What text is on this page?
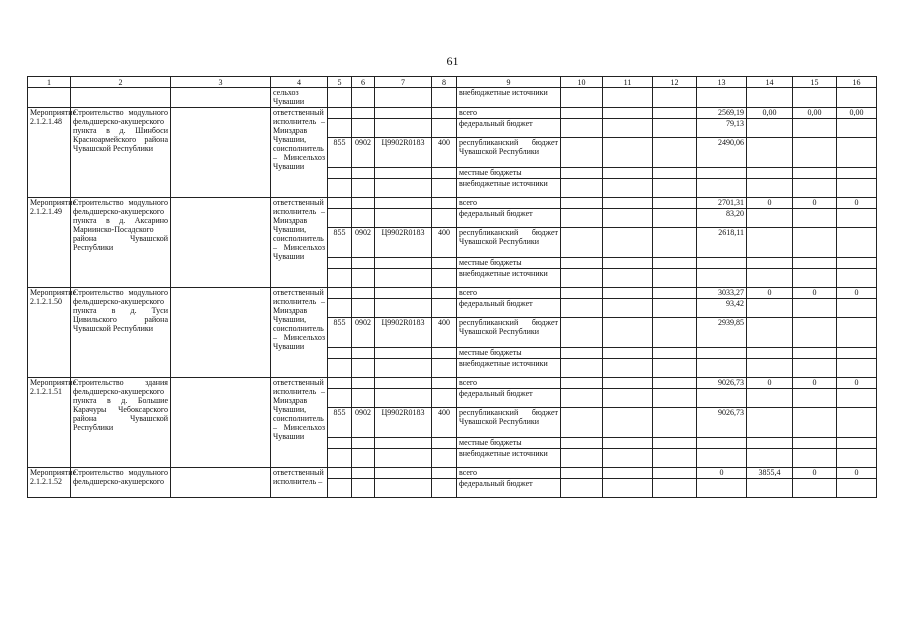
61
1	2	3	4	5	6	7	8	9	10	11	12	13	14	15	16
			сельхоз Чувашии					внебюджетные источники							
Мероприятие 2.1.2.1.48	Строительство модульного фельдшерско-акушерского пункта в д. Шинбоси Красноармейского района Чувашской Республики		ответственный исполнитель – Минздрав Чувашии, соисполнитель – Минсельхоз Чувашии					всего				2569,19	0,00	0,00	0,00
								федеральный бюджет				79,13			
				855	0902	Ц9902R0183	400	республиканский бюджет Чувашской Республики				2490,06			
								местные бюджеты							
								внебюджетные источники							
Мероприятие 2.1.2.1.49	Строительство модульного фельдшерско-акушерского пункта в д. Аксарино Мариинско-Посадского района Чувашской Республики		ответственный исполнитель – Минздрав Чувашии, соисполнитель – Минсельхоз Чувашии					всего				2701,31	0	0	0
								федеральный бюджет				83,20			
				855	0902	Ц9902R0183	400	республиканский бюджет Чувашской Республики				2618,11			
								местные бюджеты							
								внебюджетные источники							
Мероприятие 2.1.2.1.50	Строительство модульного фельдшерско-акушерского пункта в д. Туси Цивильского района Чувашской Республики		ответственный исполнитель – Минздрав Чувашии, соисполнитель – Минсельхоз Чувашии					всего				3033,27	0	0	0
								федеральный бюджет				93,42			
				855	0902	Ц9902R0183	400	республиканский бюджет Чувашской Республики				2939,85			
								местные бюджеты							
								внебюджетные источники							
Мероприятие 2.1.2.1.51	Строительство здания фельдшерско-акушерского пункта в д. Большие Карачуры Чебоксарского района Чувашской Республики		ответственный исполнитель – Минздрав Чувашии, соисполнитель – Минсельхоз Чувашии					всего				9026,73	0	0	0
								федеральный бюджет							
				855	0902	Ц9902R0183	400	республиканский бюджет Чувашской Республики				9026,73			
								местные бюджеты							
								внебюджетные источники							
Мероприятие 2.1.2.1.52	Строительство модульного фельдшерско-акушерского		ответственный исполнитель –					всего				0	3855,4	0	0
								федеральный бюджет							
